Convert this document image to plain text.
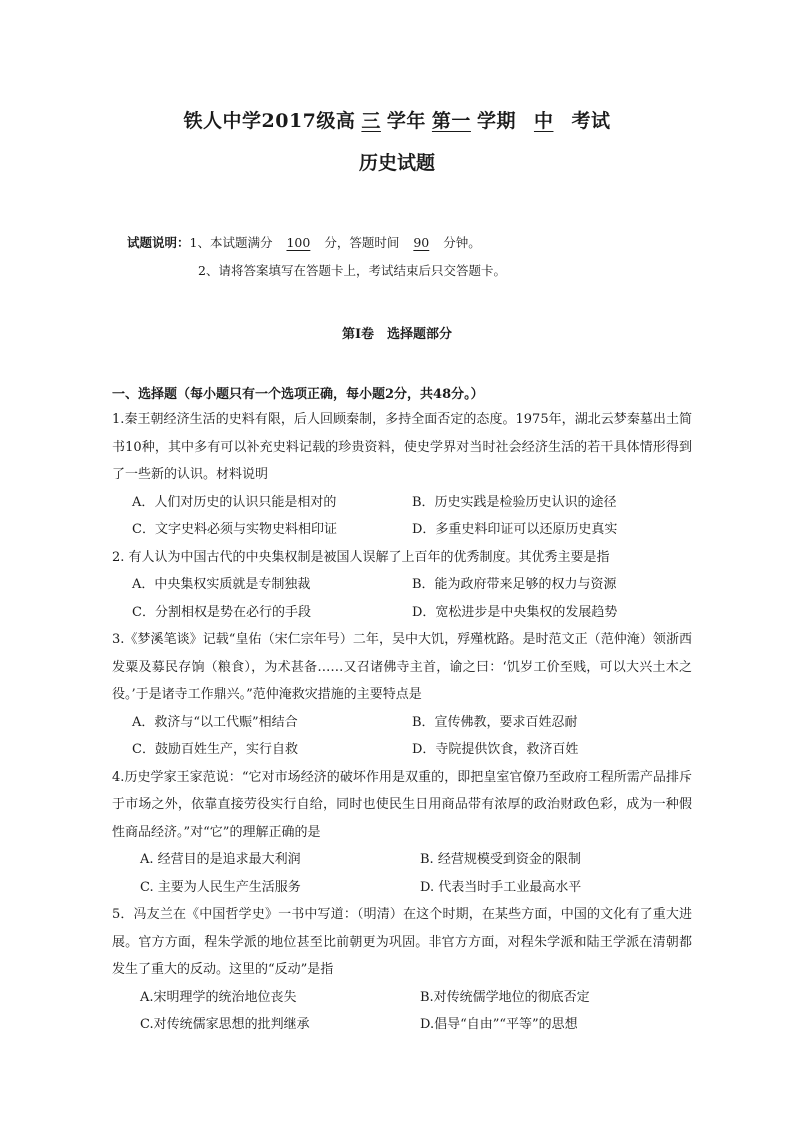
铁人中学2017级高 三 学年 第一 学期 中 考试
历史试题
试题说明：1、本试题满分 100 分，答题时间 90 分钟。
2、请将答案填写在答题卡上，考试结束后只交答题卡。
第Ⅰ卷　选择题部分
一、选择题（每小题只有一个选项正确，每小题2分，共48分。）
1.秦王朝经济生活的史料有限，后人回顾秦制，多持全面否定的态度。1975年，湖北云梦秦墓出土简书10种，其中多有可以补充史料记载的珍贵资料，使史学界对当时社会经济生活的若干具体情形得到了一些新的认识。材料说明
A．人们对历史的认识只能是相对的	B．历史实践是检验历史认识的途径
C．文字史料必须与实物史料相印证	D．多重史料印证可以还原历史真实
2. 有人认为中国古代的中央集权制是被国人误解了上百年的优秀制度。其优秀主要是指
A．中央集权实质就是专制独裁	B．能为政府带来足够的权力与资源
C．分割相权是势在必行的手段	D．宽松进步是中央集权的发展趋势
3.《梦溪笔谈》记载“皇佑（宋仁宗年号）二年，吴中大饥，殍殣枕路。是时范文正（范仲淹）领浙西发粟及募民存饷（粮食），为术甚备……又召诸佛寺主首，谕之曰：‘饥岁工价至贱，可以大兴土木之役。’于是诸寺工作鼎兴。”范仲淹救灾措施的主要特点是
A．救济与“以工代赈”相结合	B．宣传佛教，要求百姓忍耐
C．鼓励百姓生产，实行自救	D．寺院提供饮食，救济百姓
4.历史学家王家范说：“它对市场经济的破坏作用是双重的，即把皇室官僚乃至政府工程所需产品排斥于市场之外，依靠直接劳役实行自给，同时也使民生日用商品带有浓厚的政治财政色彩，成为一种假性商品经济。”对“它”的理解正确的是
A. 经营目的是追求最大利润	B. 经营规模受到资金的限制
C. 主要为人民生产生活服务	D. 代表当时手工业最高水平
5．冯友兰在《中国哲学史》一书中写道：（明清）在这个时期，在某些方面，中国的文化有了重大进展。官方方面，程朱学派的地位甚至比前朝更为巩固。非官方方面，对程朱学派和陆王学派在清朝都发生了重大的反动。这里的“反动”是指
A.宋明理学的统治地位丧失	B.对传统儒学地位的彻底否定
C.对传统儒家思想的批判继承	D.倡导“自由”“平等”的思想
